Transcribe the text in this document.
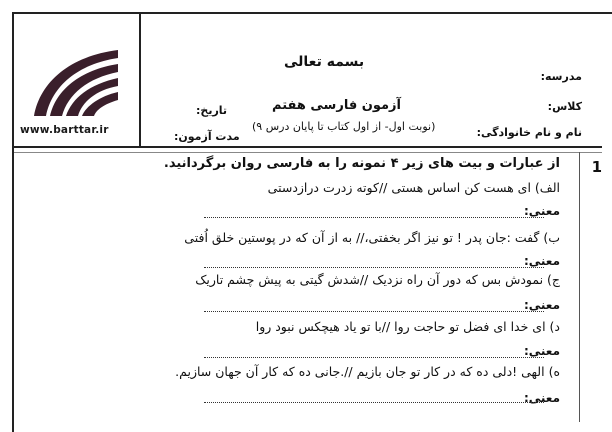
www.barttar.ir
بسمه تعالی
مدرسه:
کلاس:
نام و نام خانوادگی:
آزمون فارسی هفتم
(نوبت اول- از اول کتاب تا پایان درس ۹)
تاریخ:
مدت آزمون:
1
از عبارات و بیت های زیر ۴ نمونه را به فارسی روان برگردانید.
الف) ای هست کن اساس هستی //کوته زدرت درازدستی
معنی:
ب) گفت :جان پدر ! تو نیز اگر بخفتی،// به از آن که در پوستین خلق اُفتی
معنی:
ج) نمودش بس که دور آن راه نزدیک //شدش گیتی به پیش چشم تاریک
معنی:
د) ای خدا ای فضل تو حاجت روا //با تو یاد هیچکس نبود روا
معنی:
ه) الهی !دلی ده که در کار تو جان بازیم //.جانی ده که کار آن جهان سازیم.
معنی:
